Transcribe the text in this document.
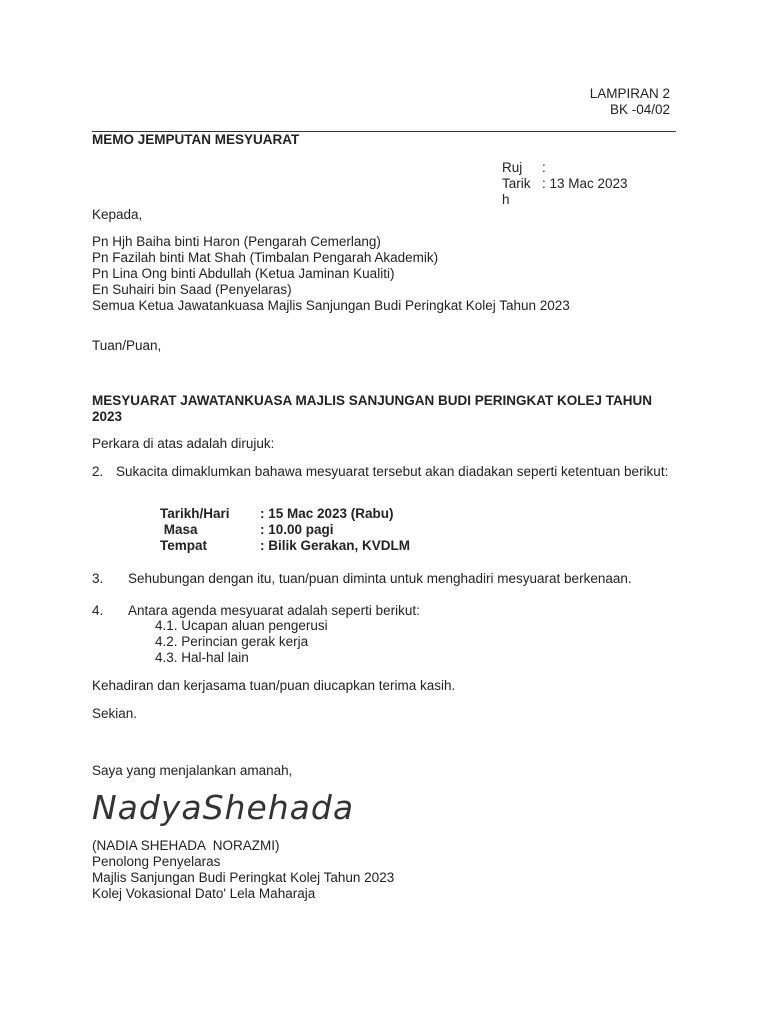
LAMPIRAN 2
BK -04/02
MEMO JEMPUTAN MESYUARAT
Ruj	:	

Tarik
h	: 13 Mac 2023	
Kepada,
Pn Hjh Baiha binti Haron (Pengarah Cemerlang)
Pn Fazilah binti Mat Shah (Timbalan Pengarah Akademik)
Pn Lina Ong binti Abdullah (Ketua Jaminan Kualiti)
En Suhairi bin Saad (Penyelaras)
Semua Ketua Jawatankuasa Majlis Sanjungan Budi Peringkat Kolej Tahun 2023
Tuan/Puan,
MESYUARAT JAWATANKUASA MAJLIS SANJUNGAN BUDI PERINGKAT KOLEJ TAHUN 2023
Perkara di atas adalah dirujuk:
2. Sukacita dimaklumkan bahawa mesyuarat tersebut akan diadakan seperti ketentuan berikut:
Tarikh/Hari	: 15 Mac 2023 (Rabu)
Masa	: 10.00 pagi
Tempat	: Bilik Gerakan, KVDLM
3. Sehubungan dengan itu, tuan/puan diminta untuk menghadiri mesyuarat berkenaan.
4. Antara agenda mesyuarat adalah seperti berikut:
4.1. Ucapan aluan pengerusi
4.2. Perincian gerak kerja
4.3. Hal-hal lain
Kehadiran dan kerjasama tuan/puan diucapkan terima kasih.
Sekian.
Saya yang menjalankan amanah,
NadyaShehada
(NADIA SHEHADA  NORAZMI)
Penolong Penyelaras
Majlis Sanjungan Budi Peringkat Kolej Tahun 2023
Kolej Vokasional Dato' Lela Maharaja
